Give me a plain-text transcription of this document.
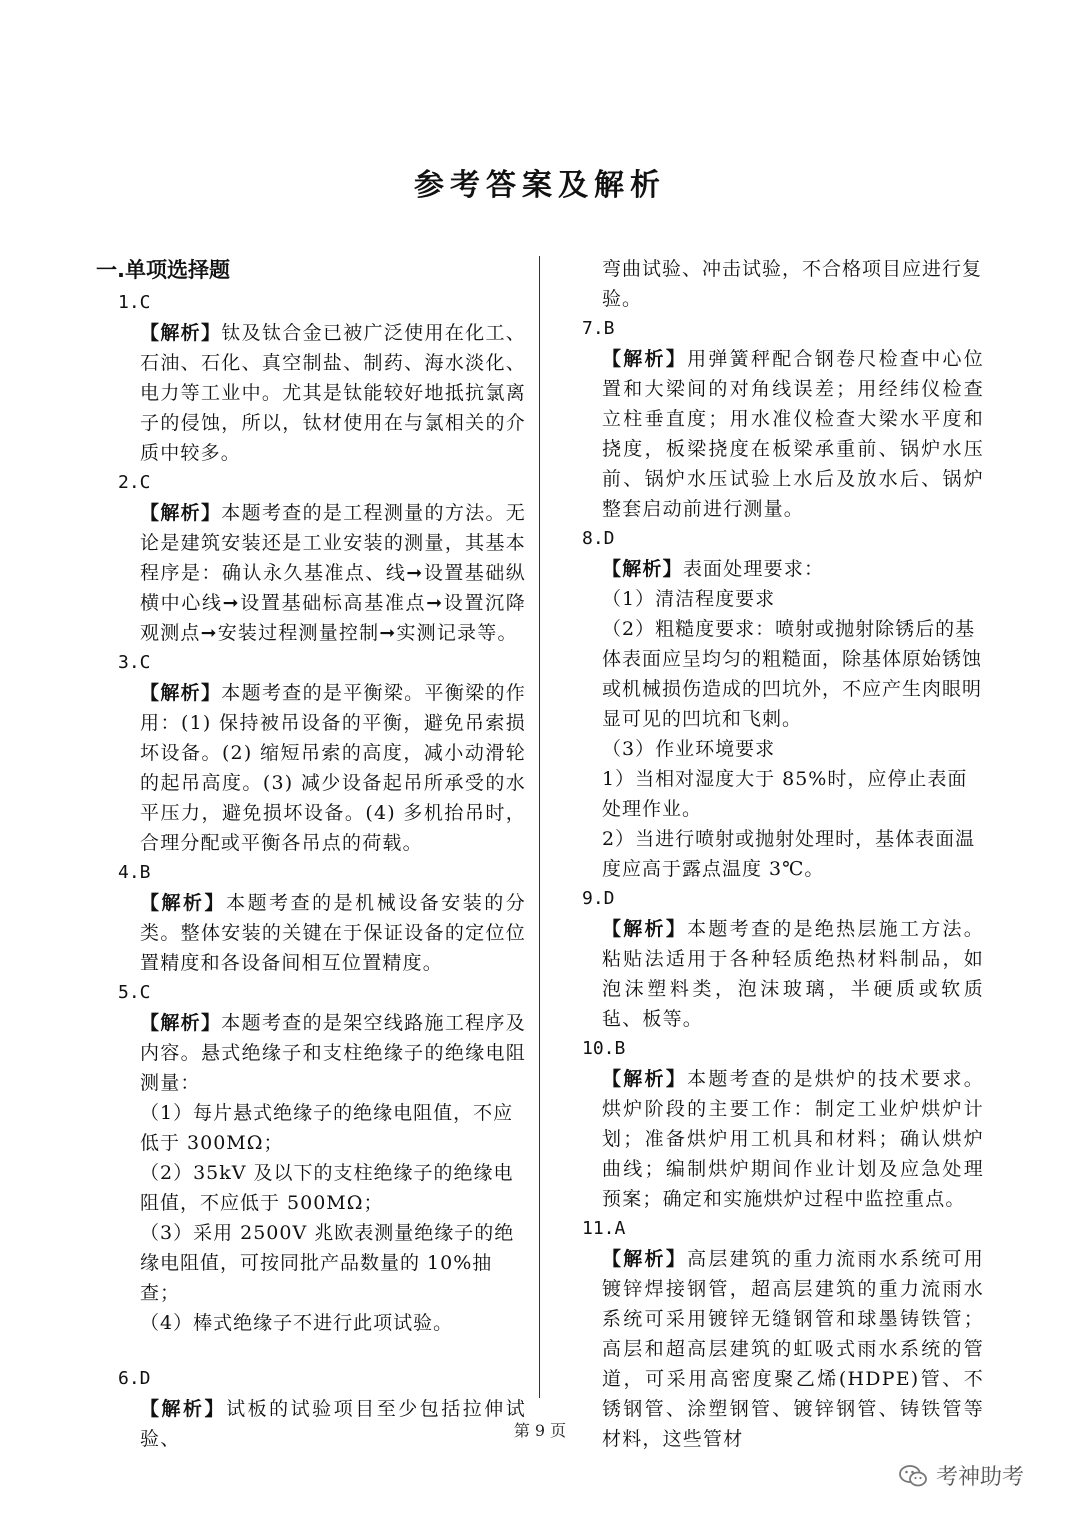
参考答案及解析
一.单项选择题
1.C
【解析】钛及钛合金已被广泛使用在化工、石油、石化、真空制盐、制药、海水淡化、电力等工业中。尤其是钛能较好地抵抗氯离子的侵蚀，所以，钛材使用在与氯相关的介质中较多。
2.C
【解析】本题考查的是工程测量的方法。无论是建筑安装还是工业安装的测量，其基本程序是：确认永久基准点、线➞设置基础纵横中心线➞设置基础标高基准点➞设置沉降观测点➞安装过程测量控制➞实测记录等。
3.C
【解析】本题考查的是平衡梁。平衡梁的作用：(1) 保持被吊设备的平衡，避免吊索损坏设备。(2) 缩短吊索的高度，减小动滑轮的起吊高度。(3) 减少设备起吊所承受的水平压力，避免损坏设备。(4) 多机抬吊时，合理分配或平衡各吊点的荷载。
4.B
【解析】本题考查的是机械设备安装的分类。整体安装的关键在于保证设备的定位位置精度和各设备间相互位置精度。
5.C
【解析】本题考查的是架空线路施工程序及内容。悬式绝缘子和支柱绝缘子的绝缘电阻测量：
（1）每片悬式绝缘子的绝缘电阻值，不应低于 300MΩ；
（2）35kV 及以下的支柱绝缘子的绝缘电阻值，不应低于 500MΩ；
（3）采用 2500V 兆欧表测量绝缘子的绝缘电阻值，可按同批产品数量的 10%抽查；
（4）棒式绝缘子不进行此项试验。
6.D
【解析】试板的试验项目至少包括拉伸试验、
弯曲试验、冲击试验，不合格项目应进行复验。
7.B
【解析】用弹簧秤配合钢卷尺检查中心位置和大梁间的对角线误差；用经纬仪检查立柱垂直度；用水准仪检查大梁水平度和挠度，板梁挠度在板梁承重前、锅炉水压前、锅炉水压试验上水后及放水后、锅炉整套启动前进行测量。
8.D
【解析】表面处理要求：
（1）清洁程度要求
（2）粗糙度要求：喷射或抛射除锈后的基体表面应呈均匀的粗糙面，除基体原始锈蚀或机械损伤造成的凹坑外，不应产生肉眼明显可见的凹坑和飞刺。
（3）作业环境要求
1）当相对湿度大于 85%时，应停止表面处理作业。
2）当进行喷射或抛射处理时，基体表面温度应高于露点温度 3℃。
9.D
【解析】本题考查的是绝热层施工方法。粘贴法适用于各种轻质绝热材料制品，如泡沫塑料类，泡沫玻璃，半硬质或软质毡、板等。
10.B
【解析】本题考查的是烘炉的技术要求。烘炉阶段的主要工作：制定工业炉烘炉计划；准备烘炉用工机具和材料；确认烘炉曲线；编制烘炉期间作业计划及应急处理预案；确定和实施烘炉过程中监控重点。
11.A
【解析】高层建筑的重力流雨水系统可用镀锌焊接钢管，超高层建筑的重力流雨水系统可采用镀锌无缝钢管和球墨铸铁管；高层和超高层建筑的虹吸式雨水系统的管道，可采用高密度聚乙烯(HDPE)管、不锈钢管、涂塑钢管、镀锌钢管、铸铁管等材料，这些管材
第 9 页
考神助考
